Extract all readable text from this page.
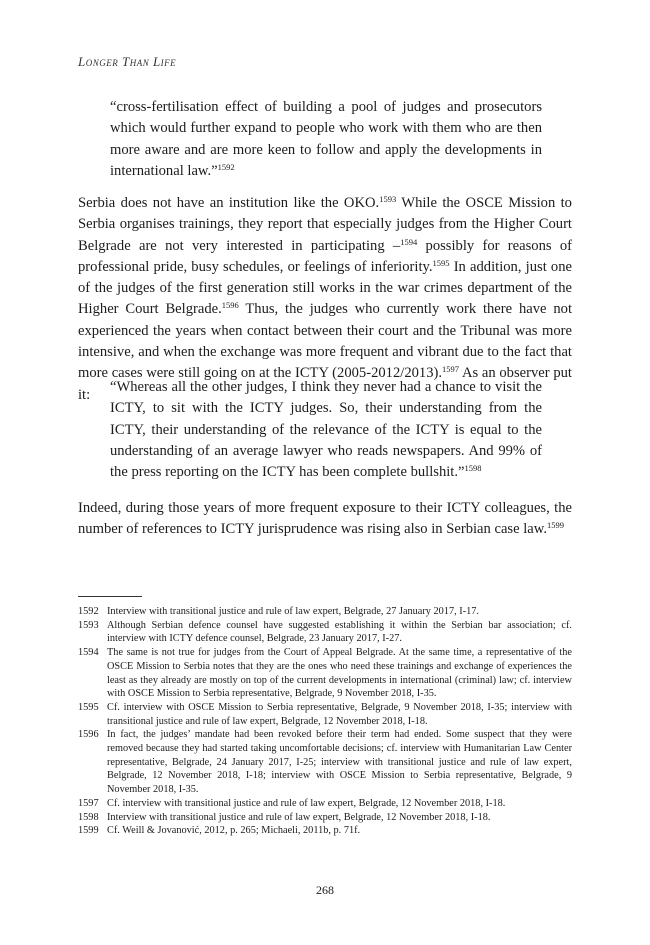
Longer Than Life

“cross-fertilisation effect of building a pool of judges and prosecutors which would further expand to people who work with them who are then more aware and are more keen to follow and apply the developments in international law.”$^{1592}$

Serbia does not have an institution like the OKO.$^{1593}$ While the OSCE Mission to Serbia organises trainings, they report that especially judges from the Higher Court Belgrade are not very interested in participating –$^{1594}$ possibly for reasons of professional pride, busy schedules, or feelings of inferiority.$^{1595}$ In addition, just one of the judges of the first generation still works in the war crimes department of the Higher Court Belgrade.$^{1596}$ Thus, the judges who currently work there have not experienced the years when contact between their court and the Tribunal was more intensive, and when the exchange was more frequent and vibrant due to the fact that more cases were still going on at the ICTY (2005-2012/2013).$^{1597}$ As an observer put it:	“Whereas all the other judges, I think they never had a chance to visit the ICTY, to sit with the ICTY judges. So, their understanding from the ICTY, their understanding of the relevance of the ICTY is equal to the understanding of an average lawyer who reads newspapers. And 99% of the press reporting on the ICTY has been complete bullshit.”$^{1598}$

Indeed, during those years of more frequent exposure to their ICTY colleagues, the number of references to ICTY jurisprudence was rising also in Serbian case law.$^{1599}$

1592 Interview with transitional justice and rule of law expert, Belgrade, 27 January 2017, I-17.
1593 Although Serbian defence counsel have suggested establishing it within the Serbian bar association; cf. interview with ICTY defence counsel, Belgrade, 23 January 2017, I-27.
1594 The same is not true for judges from the Court of Appeal Belgrade. At the same time, a representative of the OSCE Mission to Serbia notes that they are the ones who need these trainings and exchange of experiences the least as they already are mostly on top of the current developments in international (criminal) law; cf. interview with OSCE Mission to Serbia representative, Belgrade, 9 November 2018, I-35.
1595 Cf. interview with OSCE Mission to Serbia representative, Belgrade, 9 November 2018, I-35; interview with transitional justice and rule of law expert, Belgrade, 12 November 2018, I-18.
1596 In fact, the judges’ mandate had been revoked before their term had ended. Some suspect that they were removed because they had started taking uncomfortable decisions; cf. interview with Humanitarian Law Center representative, Belgrade, 24 January 2017, I-25; interview with transitional justice and rule of law expert, Belgrade, 12 November 2018, I-18; interview with OSCE Mission to Serbia representative, Belgrade, 9 November 2018, I-35.
1597 Cf. interview with transitional justice and rule of law expert, Belgrade, 12 November 2018, I-18.
1598 Interview with transitional justice and rule of law expert, Belgrade, 12 November 2018, I-18.
1599 Cf. Weill & Jovanović, 2012, p. 265; Michaeli, 2011b, p. 71f.
268
